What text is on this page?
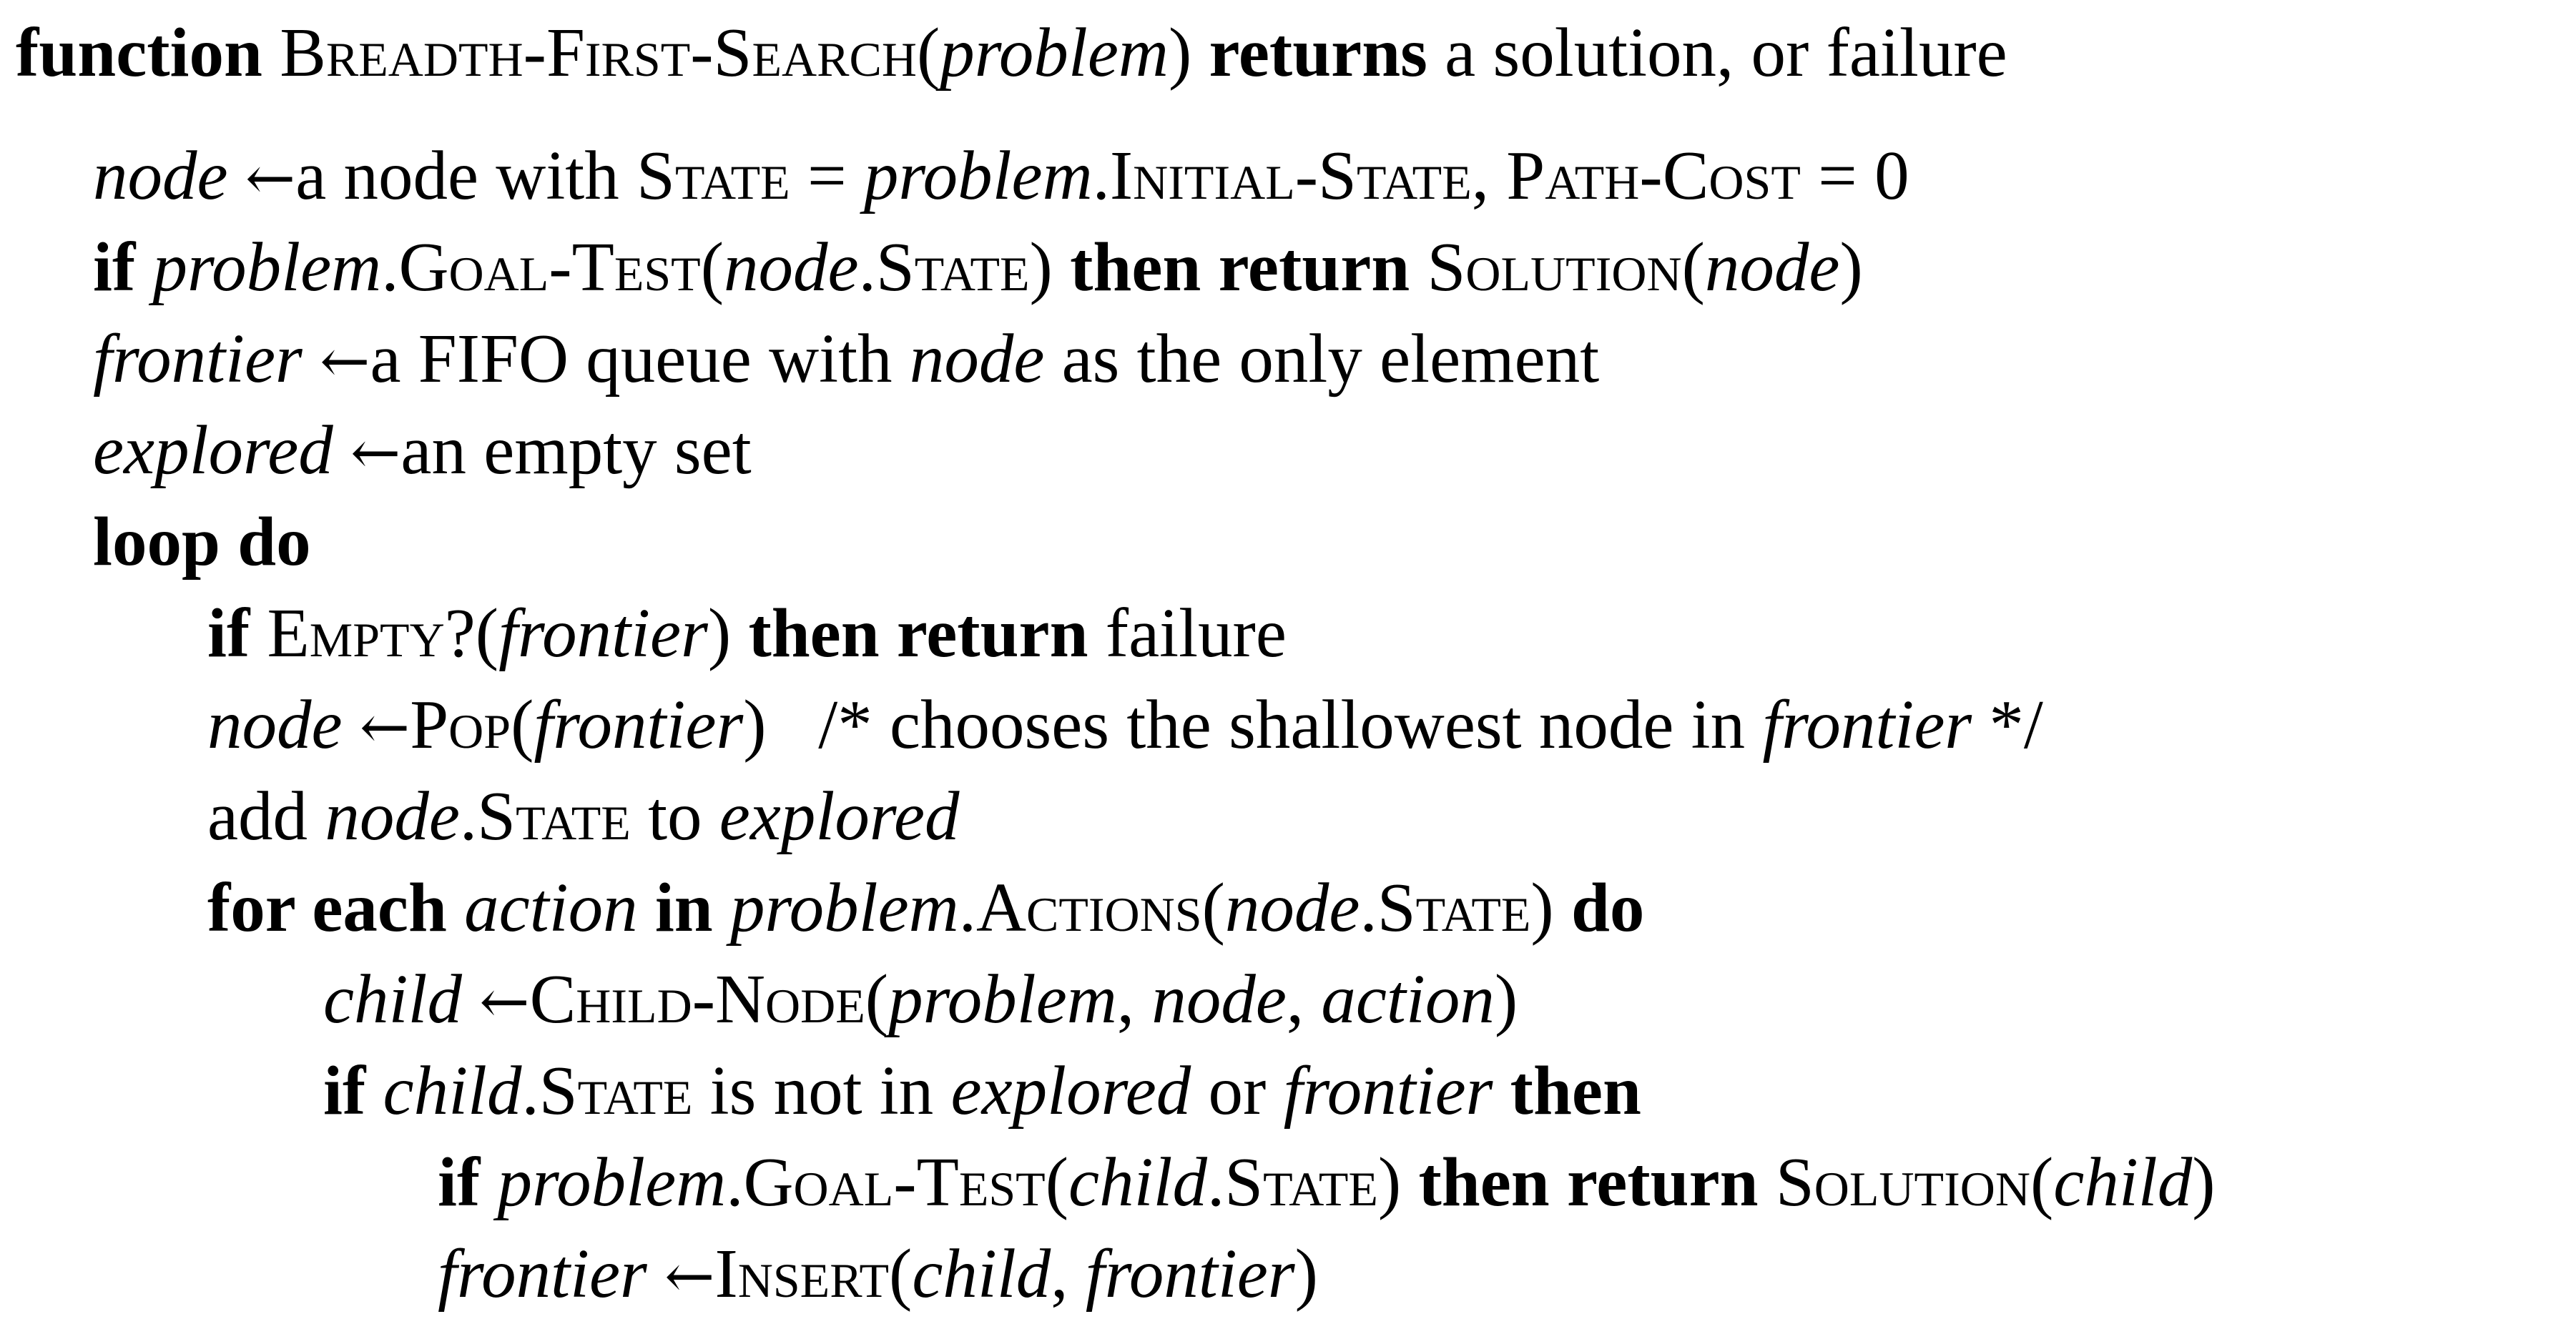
function Breadth-First-Search(problem) returns a solution, or failure
node ←a node with State = problem.Initial-State, Path-Cost = 0
if problem.Goal-Test(node.State) then return Solution(node)
frontier ←a FIFO queue with node as the only element
explored ←an empty set
loop do
if Empty?(frontier) then return failure
node ←Pop(frontier) /* chooses the shallowest node in frontier */
add node.State to explored
for each action in problem.Actions(node.State) do
child ←Child-Node(problem, node, action)
if child.State is not in explored or frontier then
if problem.Goal-Test(child.State) then return Solution(child)
frontier ←Insert(child, frontier)
